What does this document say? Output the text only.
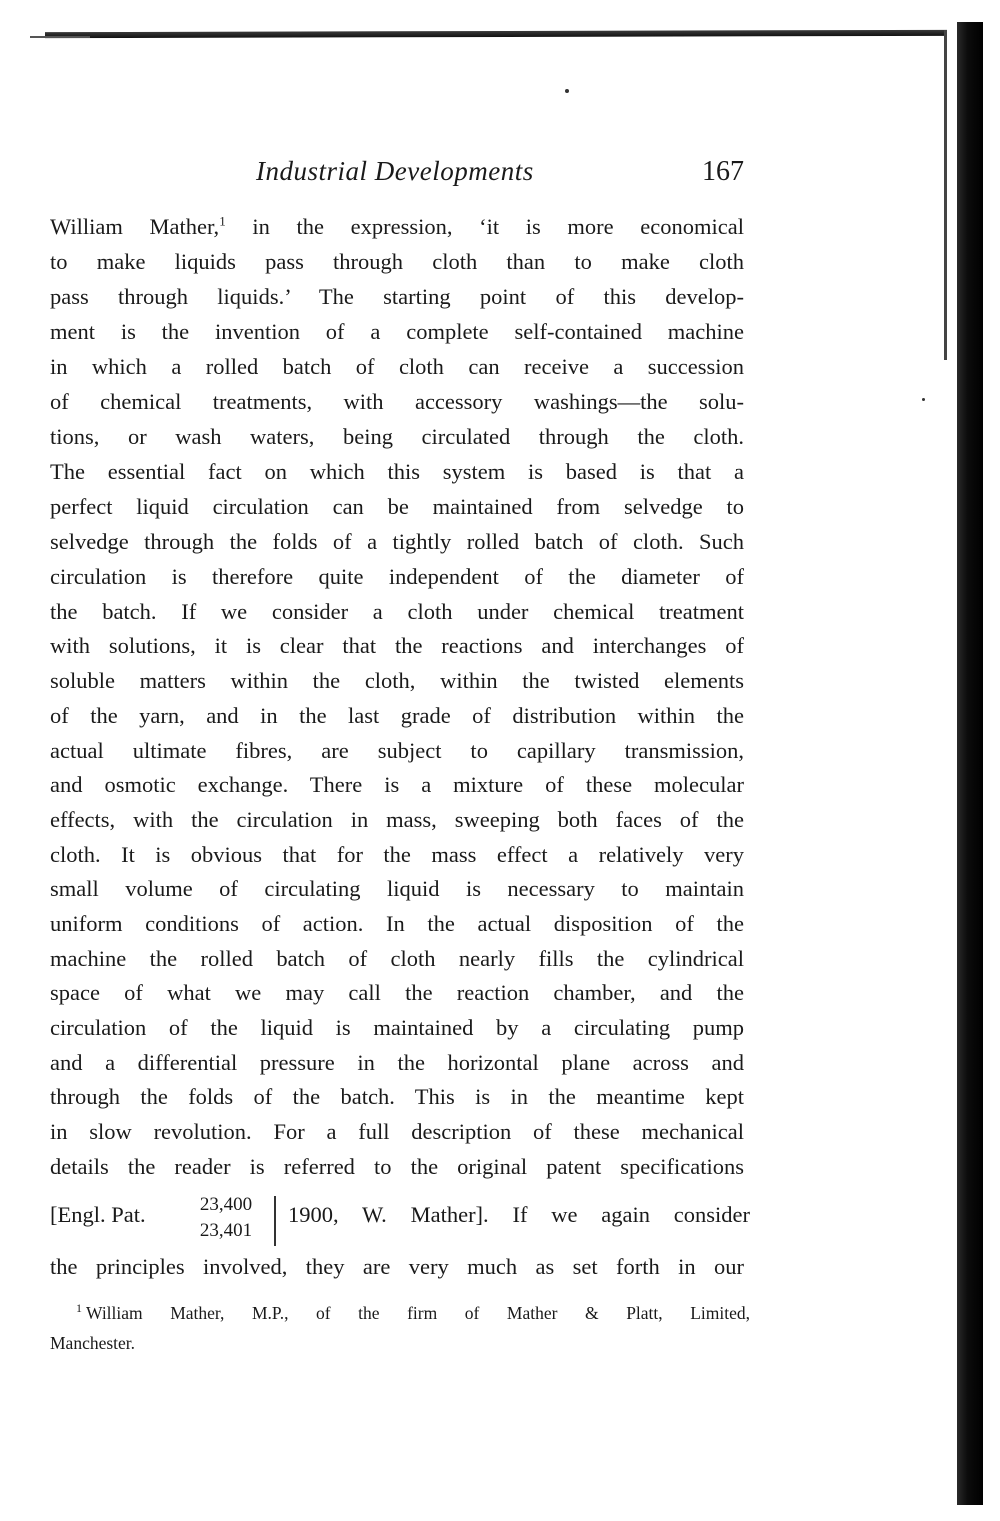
Industrial Developments	167
William Mather,$^1$ in the expression, ‘it is more economical
to make liquids pass through cloth than to make cloth
pass through liquids.’ The starting point of this develop-
ment is the invention of a complete self-contained machine
in which a rolled batch of cloth can receive a succession
of chemical treatments, with accessory washings—the solu-
tions, or wash waters, being circulated through the cloth.
The essential fact on which this system is based is that a
perfect liquid circulation can be maintained from selvedge to
selvedge through the folds of a tightly rolled batch of cloth. Such
circulation is therefore quite independent of the diameter of
the batch. If we consider a cloth under chemical treatment
with solutions, it is clear that the reactions and interchanges of
soluble matters within the cloth, within the twisted elements
of the yarn, and in the last grade of distribution within the
actual ultimate fibres, are subject to capillary transmission,
and osmotic exchange. There is a mixture of these molecular
effects, with the circulation in mass, sweeping both faces of the
cloth. It is obvious that for the mass effect a relatively very
small volume of circulating liquid is necessary to maintain
uniform conditions of action. In the actual disposition of the
machine the rolled batch of cloth nearly fills the cylindrical
space of what we may call the reaction chamber, and the
circulation of the liquid is maintained by a circulating pump
and a differential pressure in the horizontal plane across and
through the folds of the batch. This is in the meantime kept
in slow revolution. For a full description of these mechanical
details the reader is referred to the original patent specifications
[Engl. Pat.	23,400
23,401
1900, W. Mather]. If we again consider
the principles involved, they are very much as set forth in our
$^1$ William Mather, M.P., of the firm of Mather & Platt, Limited,
Manchester.
